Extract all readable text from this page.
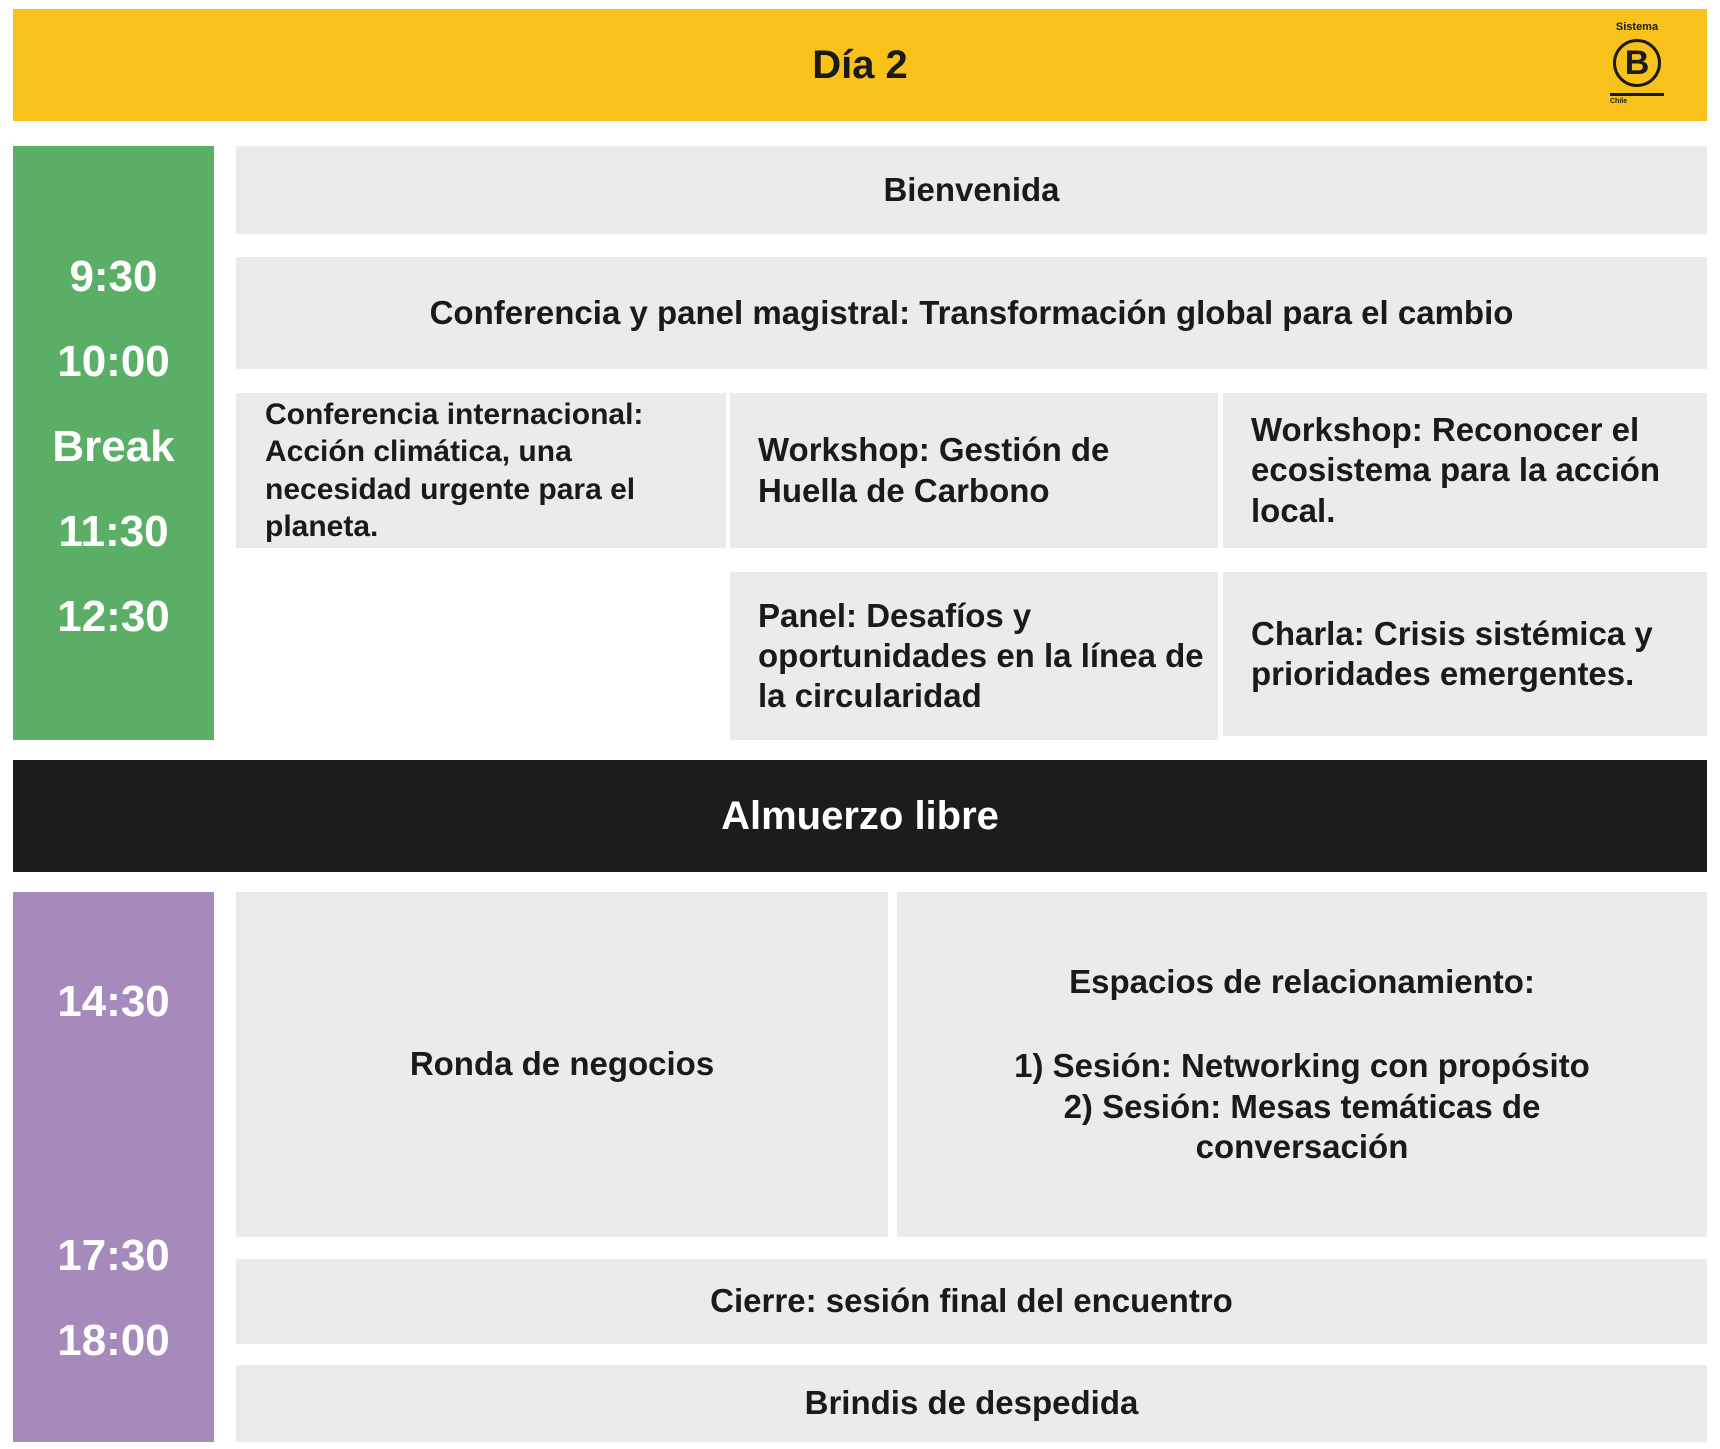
Día 2
Sistema
B
Chile
9:30
10:00
Break
11:30
12:30
Bienvenida
Conferencia y panel magistral: Transformación global para el cambio
Conferencia internacional: Acción climática, una necesidad urgente para el planeta.
Workshop: Gestión de Huella de Carbono
Workshop: Reconocer el ecosistema para la acción local.
Panel: Desafíos y oportunidades en la línea de la circularidad
Charla: Crisis sistémica y prioridades emergentes.
Almuerzo libre
14:30
17:30
18:00
Ronda de negocios
Espacios de relacionamiento:
1) Sesión: Networking con propósito
2) Sesión: Mesas temáticas de conversación
Cierre: sesión final del encuentro
Brindis de despedida
